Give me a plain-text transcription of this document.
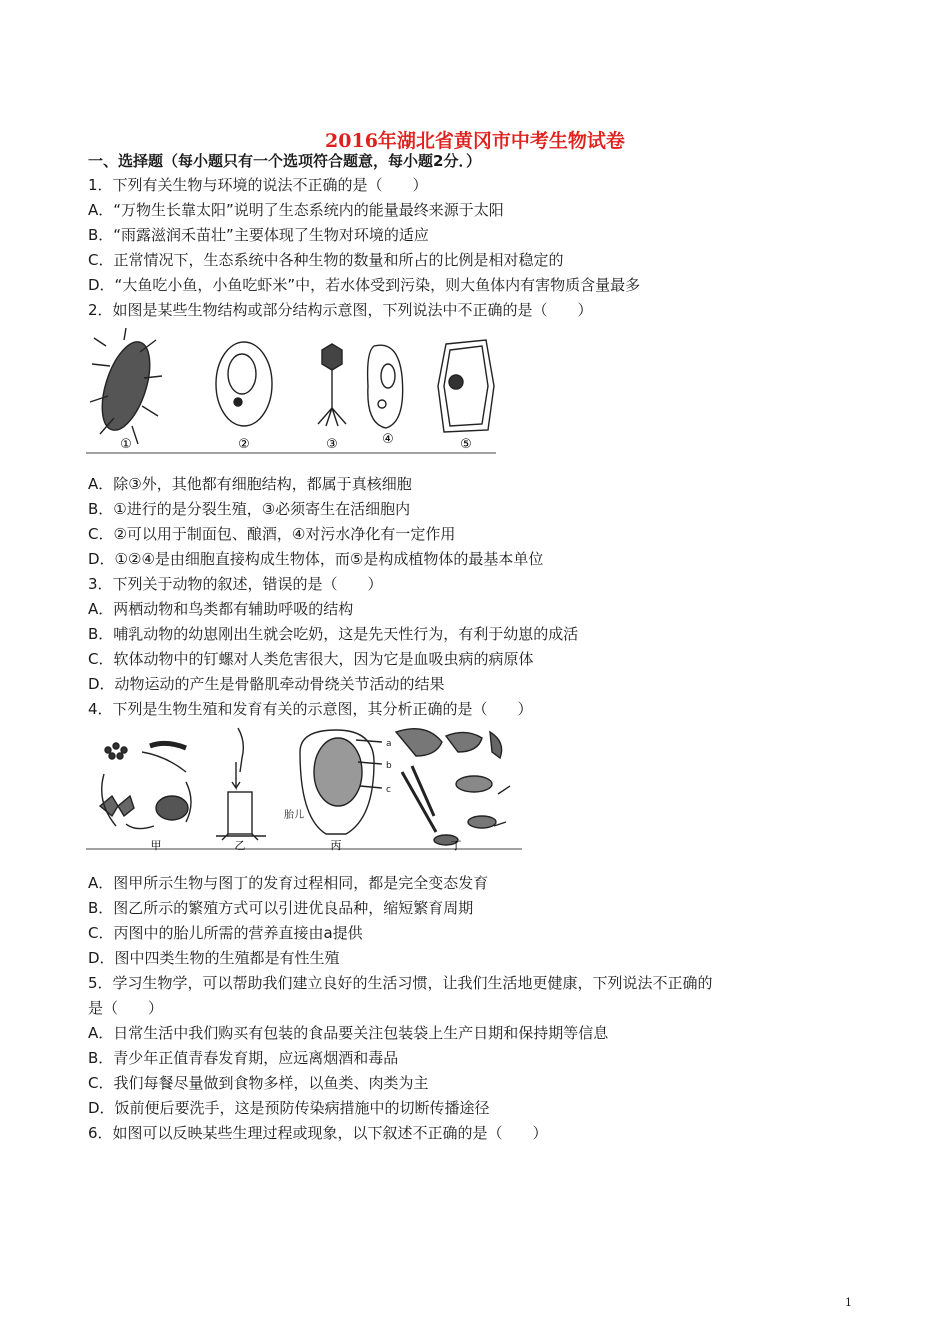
2016年湖北省黄冈市中考生物试卷
一、选择题（每小题只有一个选项符合题意，每小题2分．）
1．下列有关生物与环境的说法不正确的是（　　）
A．“万物生长靠太阳”说明了生态系统内的能量最终来源于太阳
B．“雨露滋润禾苗壮”主要体现了生物对环境的适应
C．正常情况下，生态系统中各种生物的数量和所占的比例是相对稳定的
D．“大鱼吃小鱼，小鱼吃虾米”中，若水体受到污染，则大鱼体内有害物质含量最多
2．如图是某些生物结构或部分结构示意图，下列说法中不正确的是（　　）
①	②	③	④	⑤
A．除③外，其他都有细胞结构，都属于真核细胞
B．①进行的是分裂生殖，③必须寄生在活细胞内
C．②可以用于制面包、酿酒，④对污水净化有一定作用
D．①②④是由细胞直接构成生物体，而⑤是构成植物体的最基本单位
3．下列关于动物的叙述，错误的是（　　）
A．两栖动物和鸟类都有辅助呼吸的结构
B．哺乳动物的幼崽刚出生就会吃奶，这是先天性行为，有利于幼崽的成活
C．软体动物中的钉螺对人类危害很大，因为它是血吸虫病的病原体
D．动物运动的产生是骨骼肌牵动骨绕关节活动的结果
4．下列是生物生殖和发育有关的示意图，其分析正确的是（　　）
a
b
c
胎儿
甲	乙	丙	丁
A．图甲所示生物与图丁的发育过程相同，都是完全变态发育
B．图乙所示的繁殖方式可以引进优良品种，缩短繁育周期
C．丙图中的胎儿所需的营养直接由a提供
D．图中四类生物的生殖都是有性生殖
5．学习生物学，可以帮助我们建立良好的生活习惯，让我们生活地更健康，下列说法不正确的
是（　　）
A．日常生活中我们购买有包装的食品要关注包装袋上生产日期和保持期等信息
B．青少年正值青春发育期，应远离烟酒和毒品
C．我们每餐尽量做到食物多样，以鱼类、肉类为主
D．饭前便后要洗手，这是预防传染病措施中的切断传播途径
6．如图可以反映某些生理过程或现象，以下叙述不正确的是（　　）
1
